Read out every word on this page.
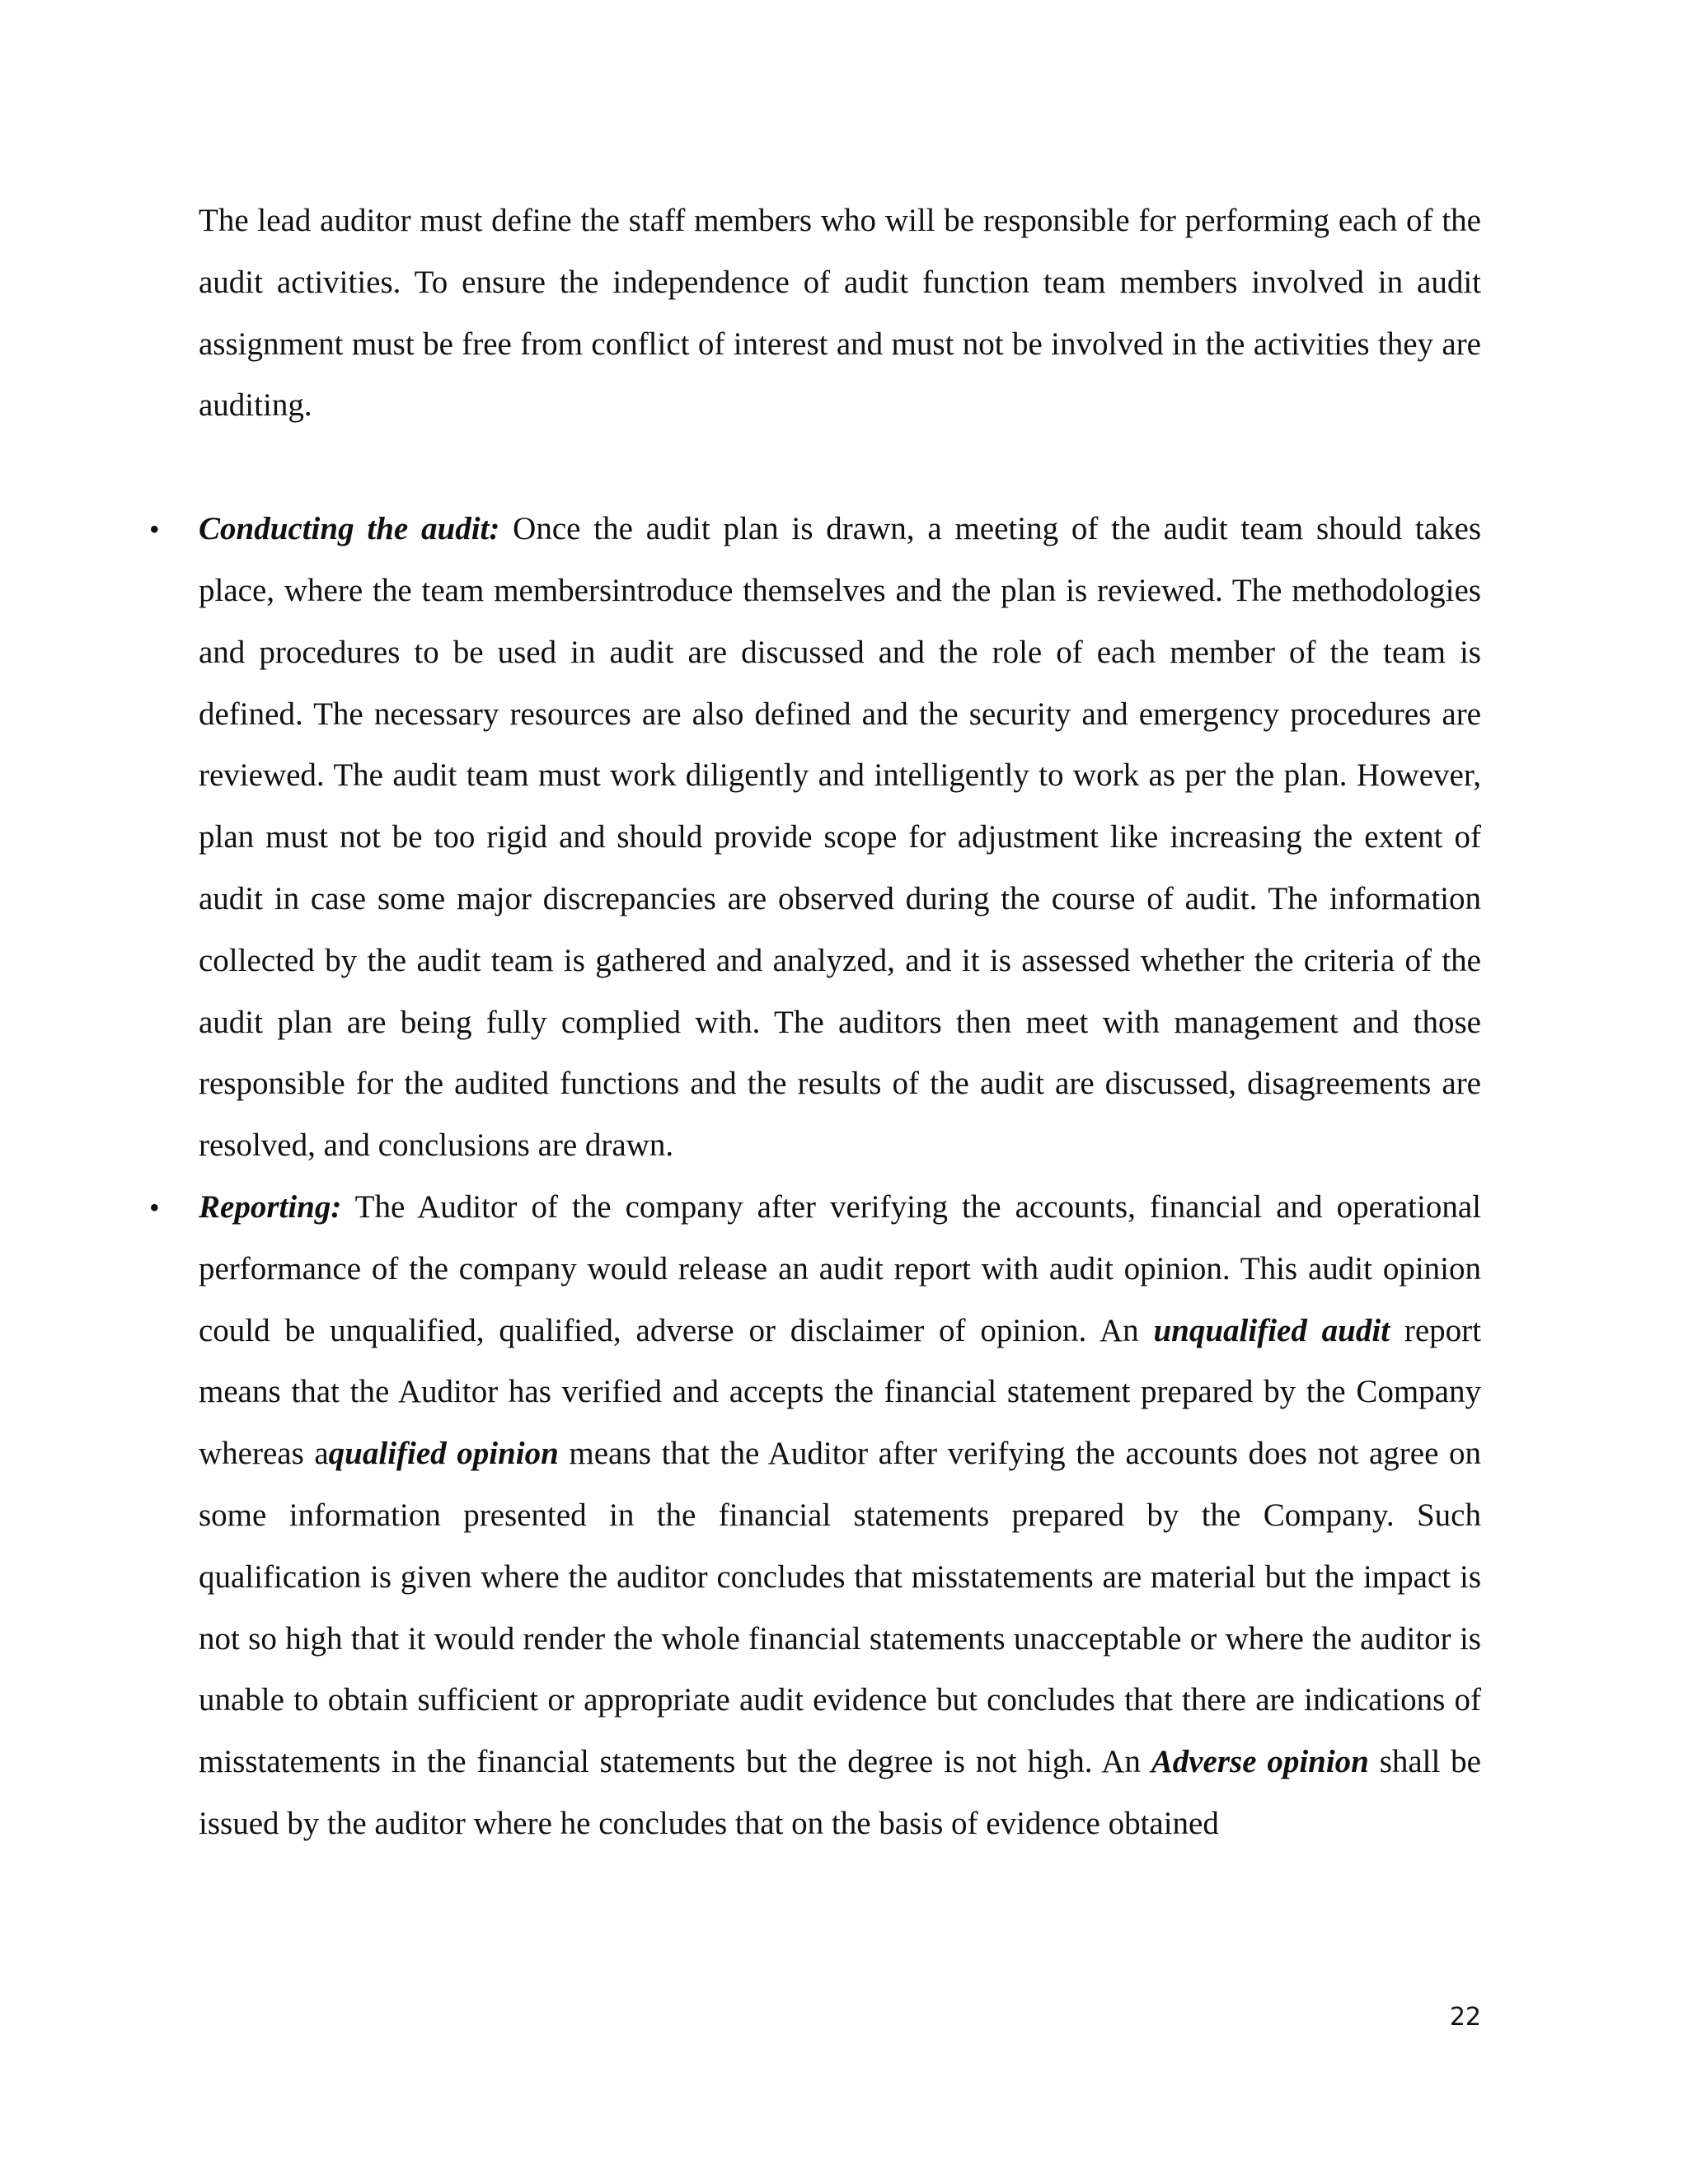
The lead auditor must define the staff members who will be responsible for performing each of the audit activities. To ensure the independence of audit function team members involved in audit assignment must be free from conflict of interest and must not be involved in the activities they are auditing.

• Conducting the audit: Once the audit plan is drawn, a meeting of the audit team should takes place, where the team membersintroduce themselves and the plan is reviewed. The methodologies and procedures to be used in audit are discussed and the role of each member of the team is defined. The necessary resources are also defined and the security and emergency procedures are reviewed. The audit team must work diligently and intelligently to work as per the plan. However, plan must not be too rigid and should provide scope for adjustment like increasing the extent of audit in case some major discrepancies are observed during the course of audit. The information collected by the audit team is gathered and analyzed, and it is assessed whether the criteria of the audit plan are being fully complied with. The auditors then meet with management and those responsible for the audited functions and the results of the audit are discussed, disagreements are resolved, and conclusions are drawn.

• Reporting: The Auditor of the company after verifying the accounts, financial and operational performance of the company would release an audit report with audit opinion. This audit opinion could be unqualified, qualified, adverse or disclaimer of opinion. An unqualified audit report means that the Auditor has verified and accepts the financial statement prepared by the Company whereas aqualified opinion means that the Auditor after verifying the accounts does not agree on some information presented in the financial statements prepared by the Company. Such qualification is given where the auditor concludes that misstatements are material but the impact is not so high that it would render the whole financial statements unacceptable or where the auditor is unable to obtain sufficient or appropriate audit evidence but concludes that there are indications of misstatements in the financial statements but the degree is not high. An Adverse opinion shall be issued by the auditor where he concludes that on the basis of evidence obtained

22
